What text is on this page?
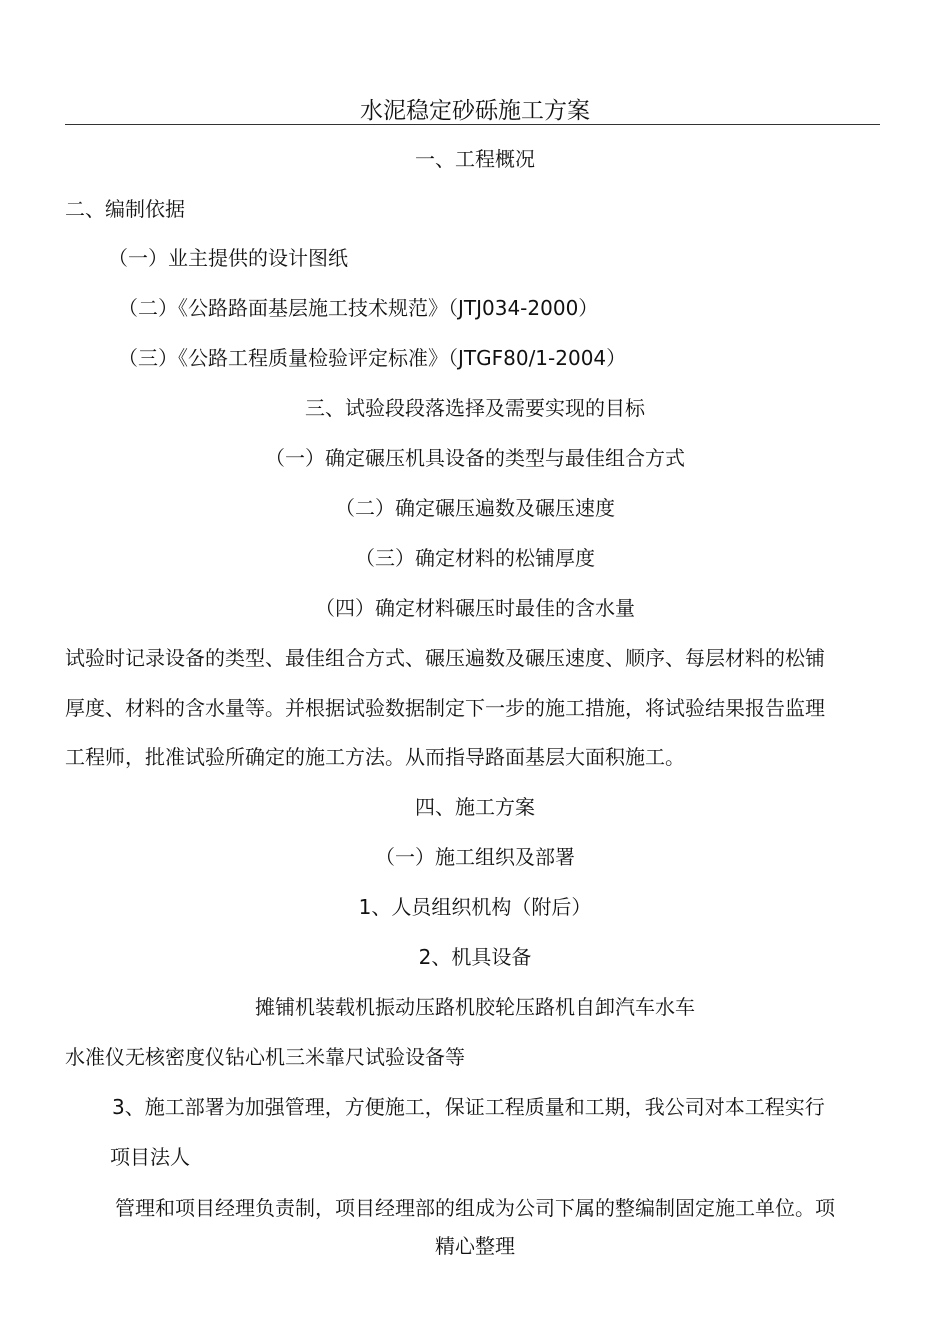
水泥稳定砂砾施工方案
一、工程概况
二、编制依据
（一）业主提供的设计图纸
（二）《公路路面基层施工技术规范》（JTJ034-2000）
（三）《公路工程质量检验评定标准》（JTGF80/1-2004）
三、试验段段落选择及需要实现的目标
（一）确定碾压机具设备的类型与最佳组合方式
（二）确定碾压遍数及碾压速度
（三）确定材料的松铺厚度
（四）确定材料碾压时最佳的含水量
试验时记录设备的类型、最佳组合方式、碾压遍数及碾压速度、顺序、每层材料的松铺
厚度、材料的含水量等。并根据试验数据制定下一步的施工措施，将试验结果报告监理
工程师，批准试验所确定的施工方法。从而指导路面基层大面积施工。
四、施工方案
（一）施工组织及部署
1、人员组织机构（附后）
2、机具设备
摊铺机装载机振动压路机胶轮压路机自卸汽车水车
水准仪无核密度仪钻心机三米靠尺试验设备等
3、施工部署为加强管理，方便施工，保证工程质量和工期，我公司对本工程实行
项目法人
管理和项目经理负责制，项目经理部的组成为公司下属的整编制固定施工单位。项
精心整理
